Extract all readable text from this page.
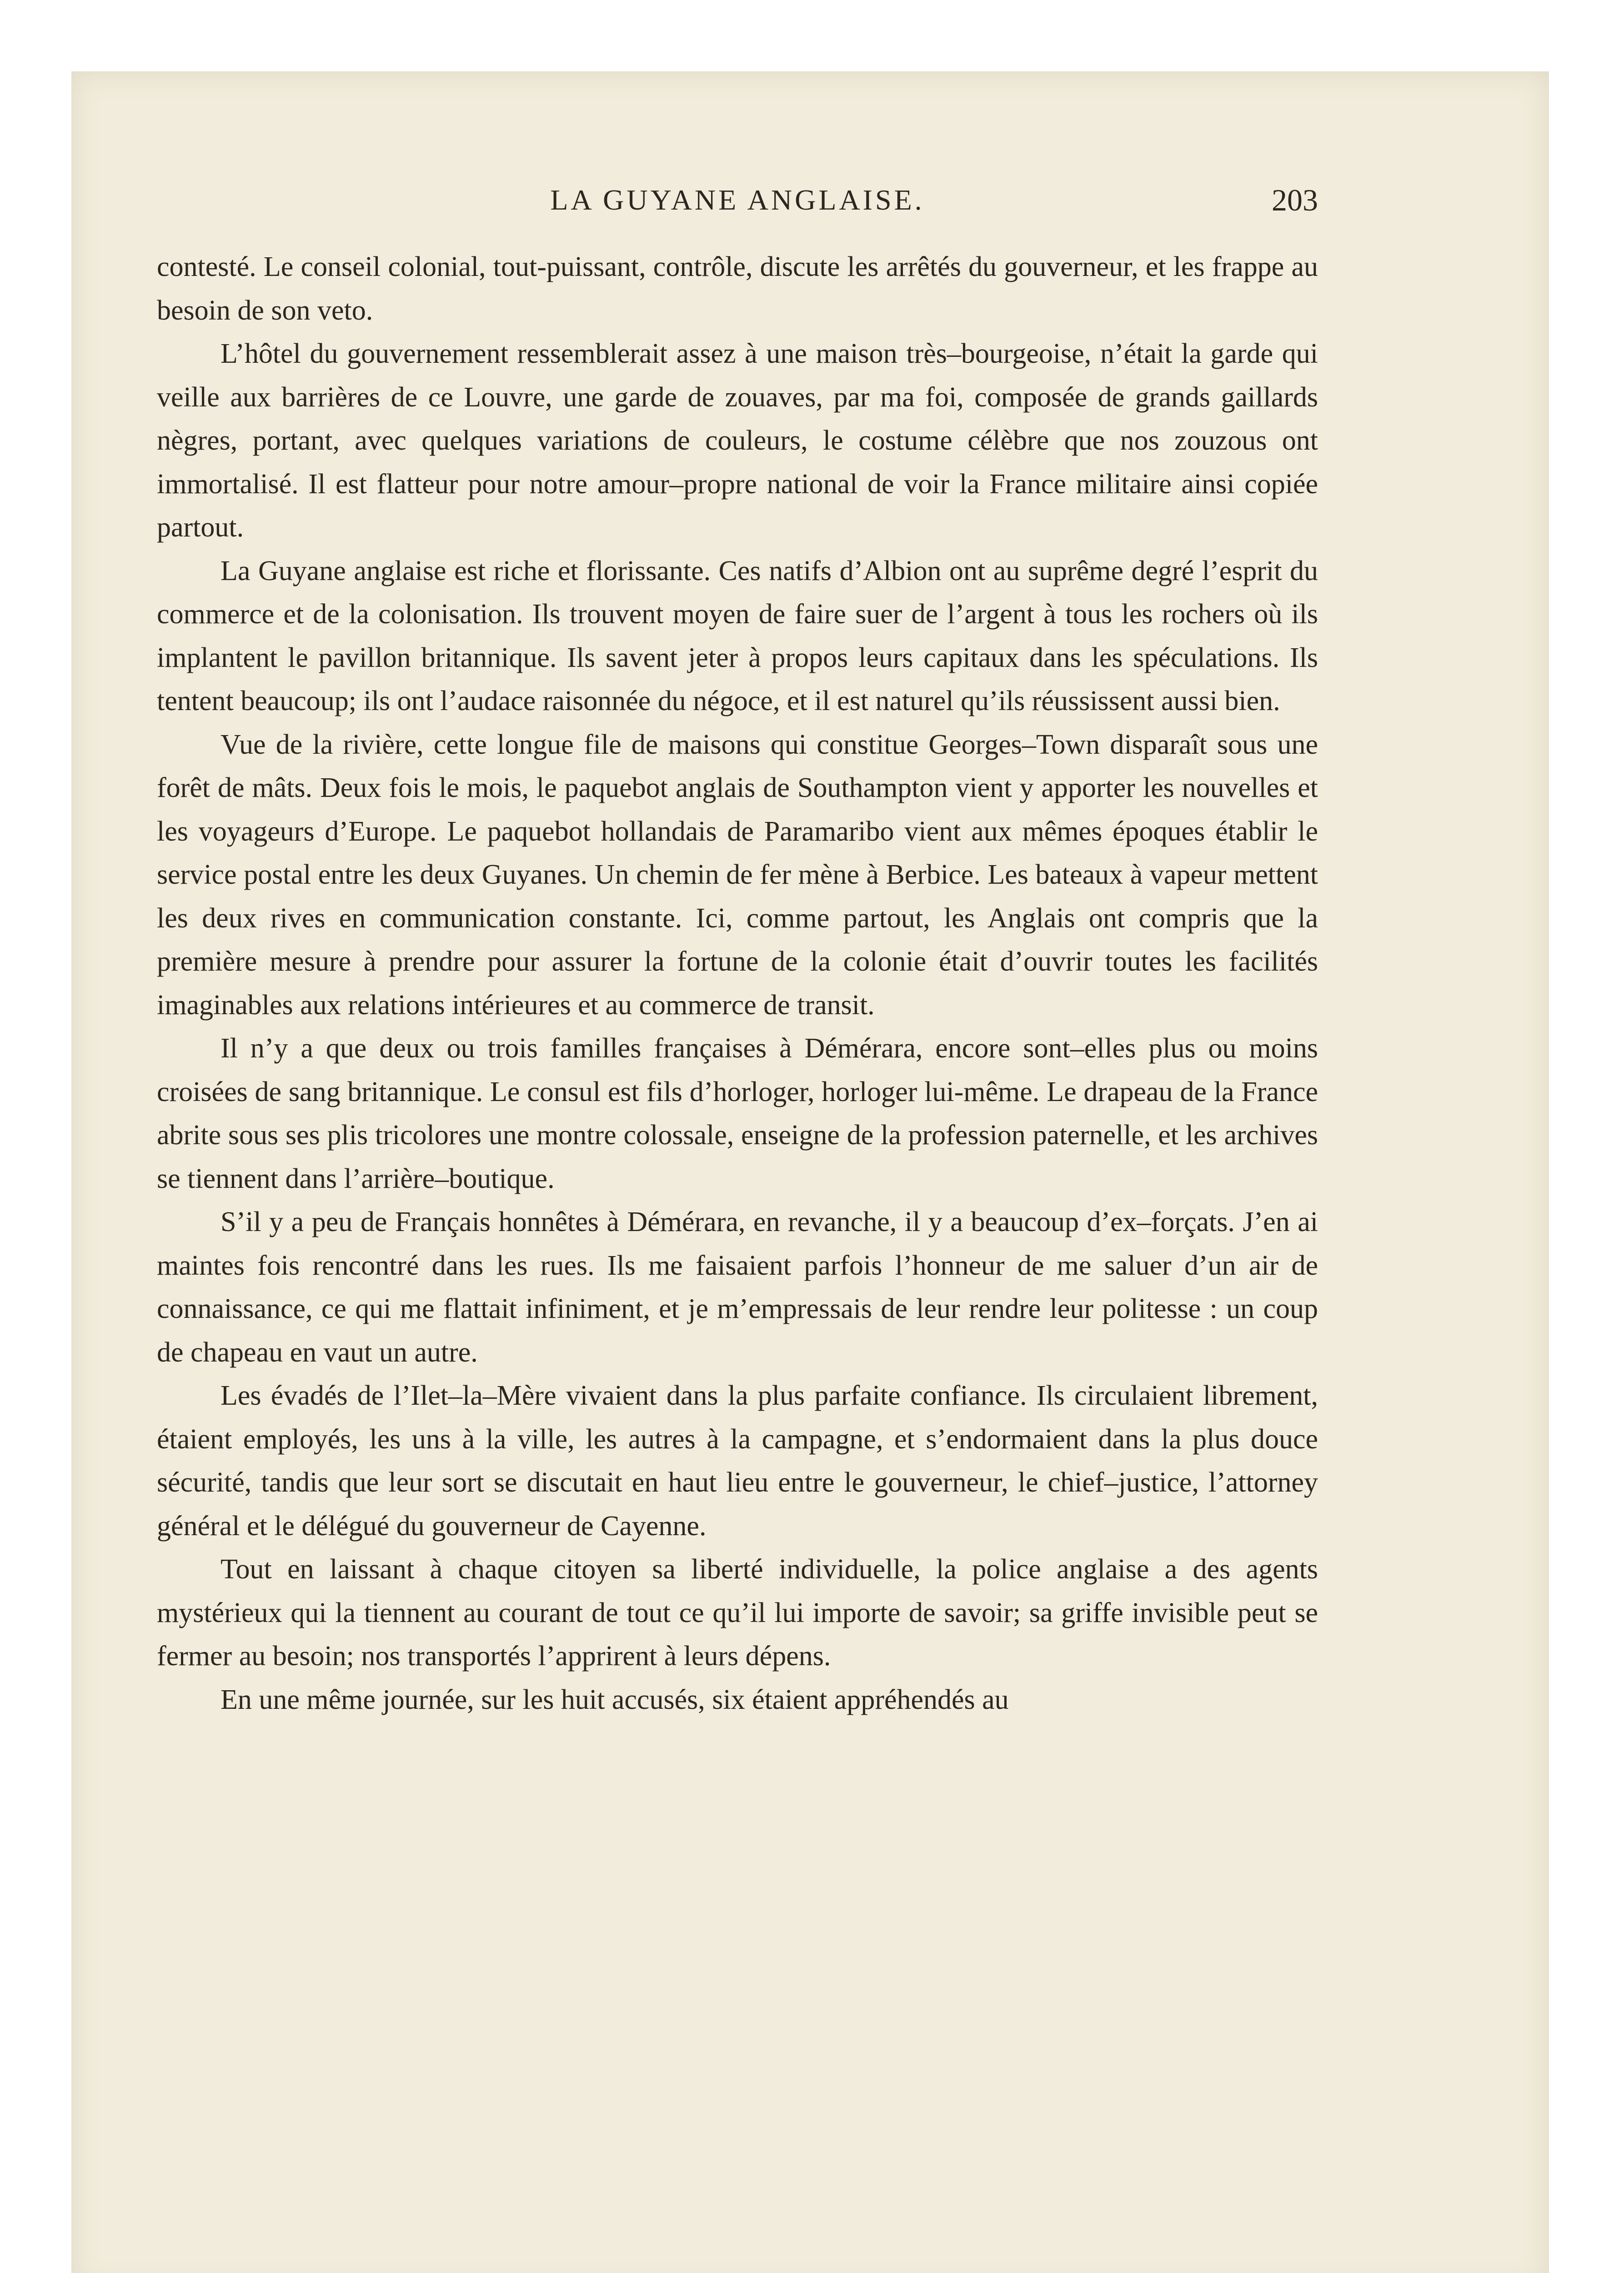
LA GUYANE ANGLAISE.	203

contesté. Le conseil colonial, tout-puissant, contrôle, discute les arrêtés du gouverneur, et les frappe au besoin de son veto.

L’hôtel du gouvernement ressemblerait assez à une maison très–bourgeoise, n’était la garde qui veille aux barrières de ce Louvre, une garde de zouaves, par ma foi, composée de grands gaillards nègres, portant, avec quelques variations de couleurs, le costume célèbre que nos zouzous ont immortalisé. Il est flatteur pour notre amour–propre national de voir la France militaire ainsi copiée partout.

La Guyane anglaise est riche et florissante. Ces natifs d’Albion ont au suprême degré l’esprit du commerce et de la colonisation. Ils trouvent moyen de faire suer de l’argent à tous les rochers où ils implantent le pavillon britannique. Ils savent jeter à propos leurs capitaux dans les spéculations. Ils tentent beaucoup; ils ont l’audace raisonnée du négoce, et il est naturel qu’ils réussissent aussi bien.

Vue de la rivière, cette longue file de maisons qui constitue Georges–Town disparaît sous une forêt de mâts. Deux fois le mois, le paquebot anglais de Southampton vient y apporter les nouvelles et les voyageurs d’Europe. Le paquebot hollandais de Paramaribo vient aux mêmes époques établir le service postal entre les deux Guyanes. Un chemin de fer mène à Berbice. Les bateaux à vapeur mettent les deux rives en communication constante. Ici, comme partout, les Anglais ont compris que la première mesure à prendre pour assurer la fortune de la colonie était d’ouvrir toutes les facilités imaginables aux relations intérieures et au commerce de transit.

Il n’y a que deux ou trois familles françaises à Démérara, encore sont–elles plus ou moins croisées de sang britannique. Le consul est fils d’horloger, horloger lui-même. Le drapeau de la France abrite sous ses plis tricolores une montre colossale, enseigne de la profession paternelle, et les archives se tiennent dans l’arrière–boutique.

S’il y a peu de Français honnêtes à Démérara, en revanche, il y a beaucoup d’ex–forçats. J’en ai maintes fois rencontré dans les rues. Ils me faisaient parfois l’honneur de me saluer d’un air de connaissance, ce qui me flattait infiniment, et je m’empressais de leur rendre leur politesse : un coup de chapeau en vaut un autre.

Les évadés de l’Ilet–la–Mère vivaient dans la plus parfaite confiance. Ils circulaient librement, étaient employés, les uns à la ville, les autres à la campagne, et s’endormaient dans la plus douce sécurité, tandis que leur sort se discutait en haut lieu entre le gouverneur, le chief–justice, l’attorney général et le délégué du gouverneur de Cayenne.

Tout en laissant à chaque citoyen sa liberté individuelle, la police anglaise a des agents mystérieux qui la tiennent au courant de tout ce qu’il lui importe de savoir; sa griffe invisible peut se fermer au besoin; nos transportés l’apprirent à leurs dépens.

En une même journée, sur les huit accusés, six étaient appréhendés au
